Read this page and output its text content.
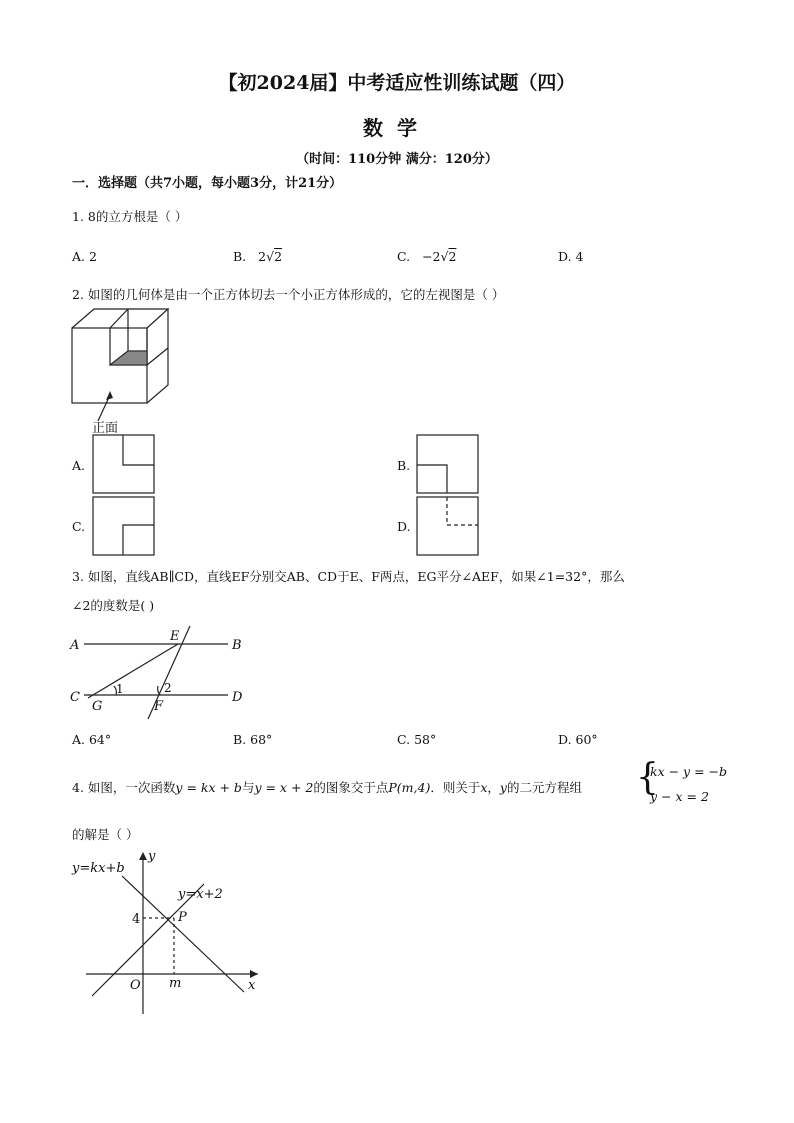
【初2024届】中考适应性训练试题（四）
数学
（时间：110分钟 满分：120分）
一．选择题（共7小题，每小题3分，计21分）
1. 8的立方根是（ ）
A. 2	B. 2√2	C. −2√2	D. 4
2. 如图的几何体是由一个正方体切去一个小正方体形成的，它的左视图是（ ）
正面
A.	B.
C.	D.
3. 如图，直线AB∥CD，直线EF分别交AB、CD于E、F两点，EG平分∠AEF，如果∠1=32°，那么
∠2的度数是( )
A	B
C	D
E
F
G
1	2
A. 64°	B. 68°	C. 58°	D. 60°
4. 如图，一次函数y = kx + b与y = x + 2的图象交于点P(m,4)．则关于x，y的二元方程组 {
kx − y = −b
y − x = 2
的解是（ ）
y=kx+b
y=x+2
y
x
O m
P
4
